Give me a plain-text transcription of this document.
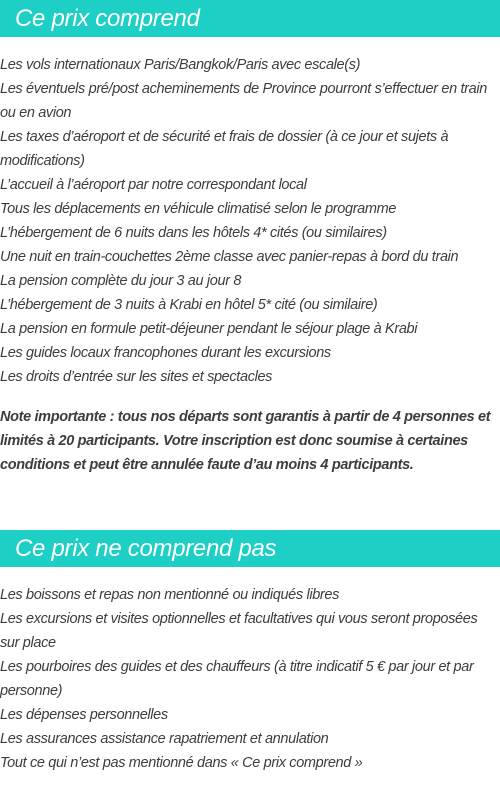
Ce prix comprend
Les vols internationaux Paris/Bangkok/Paris avec escale(s)
Les éventuels pré/post acheminements de Province pourront s’effectuer en train ou en avion
Les taxes d’aéroport et de sécurité et frais de dossier (à ce jour et sujets à modifications)
L’accueil à l’aéroport par notre correspondant local
Tous les déplacements en véhicule climatisé selon le programme
L’hébergement de 6 nuits dans les hôtels 4* cités (ou similaires)
Une nuit en train-couchettes 2ème classe avec panier-repas à bord du train
La pension complète du jour 3 au jour 8
L’hébergement de 3 nuits à Krabi en hôtel 5* cité (ou similaire)
La pension en formule petit-déjeuner pendant le séjour plage à Krabi
Les guides locaux francophones durant les excursions
Les droits d’entrée sur les sites et spectacles

Note importante : tous nos départs sont garantis à partir de 4 personnes et limités à 20 participants. Votre inscription est donc soumise à certaines conditions et peut être annulée faute d’au moins 4 participants.

Ce prix ne comprend pas
Les boissons et repas non mentionné ou indiqués libres
Les excursions et visites optionnelles et facultatives qui vous seront proposées sur place
Les pourboires des guides et des chauffeurs (à titre indicatif 5 € par jour et par personne)
Les dépenses personnelles
Les assurances assistance rapatriement et annulation
Tout ce qui n’est pas mentionné dans « Ce prix comprend »
